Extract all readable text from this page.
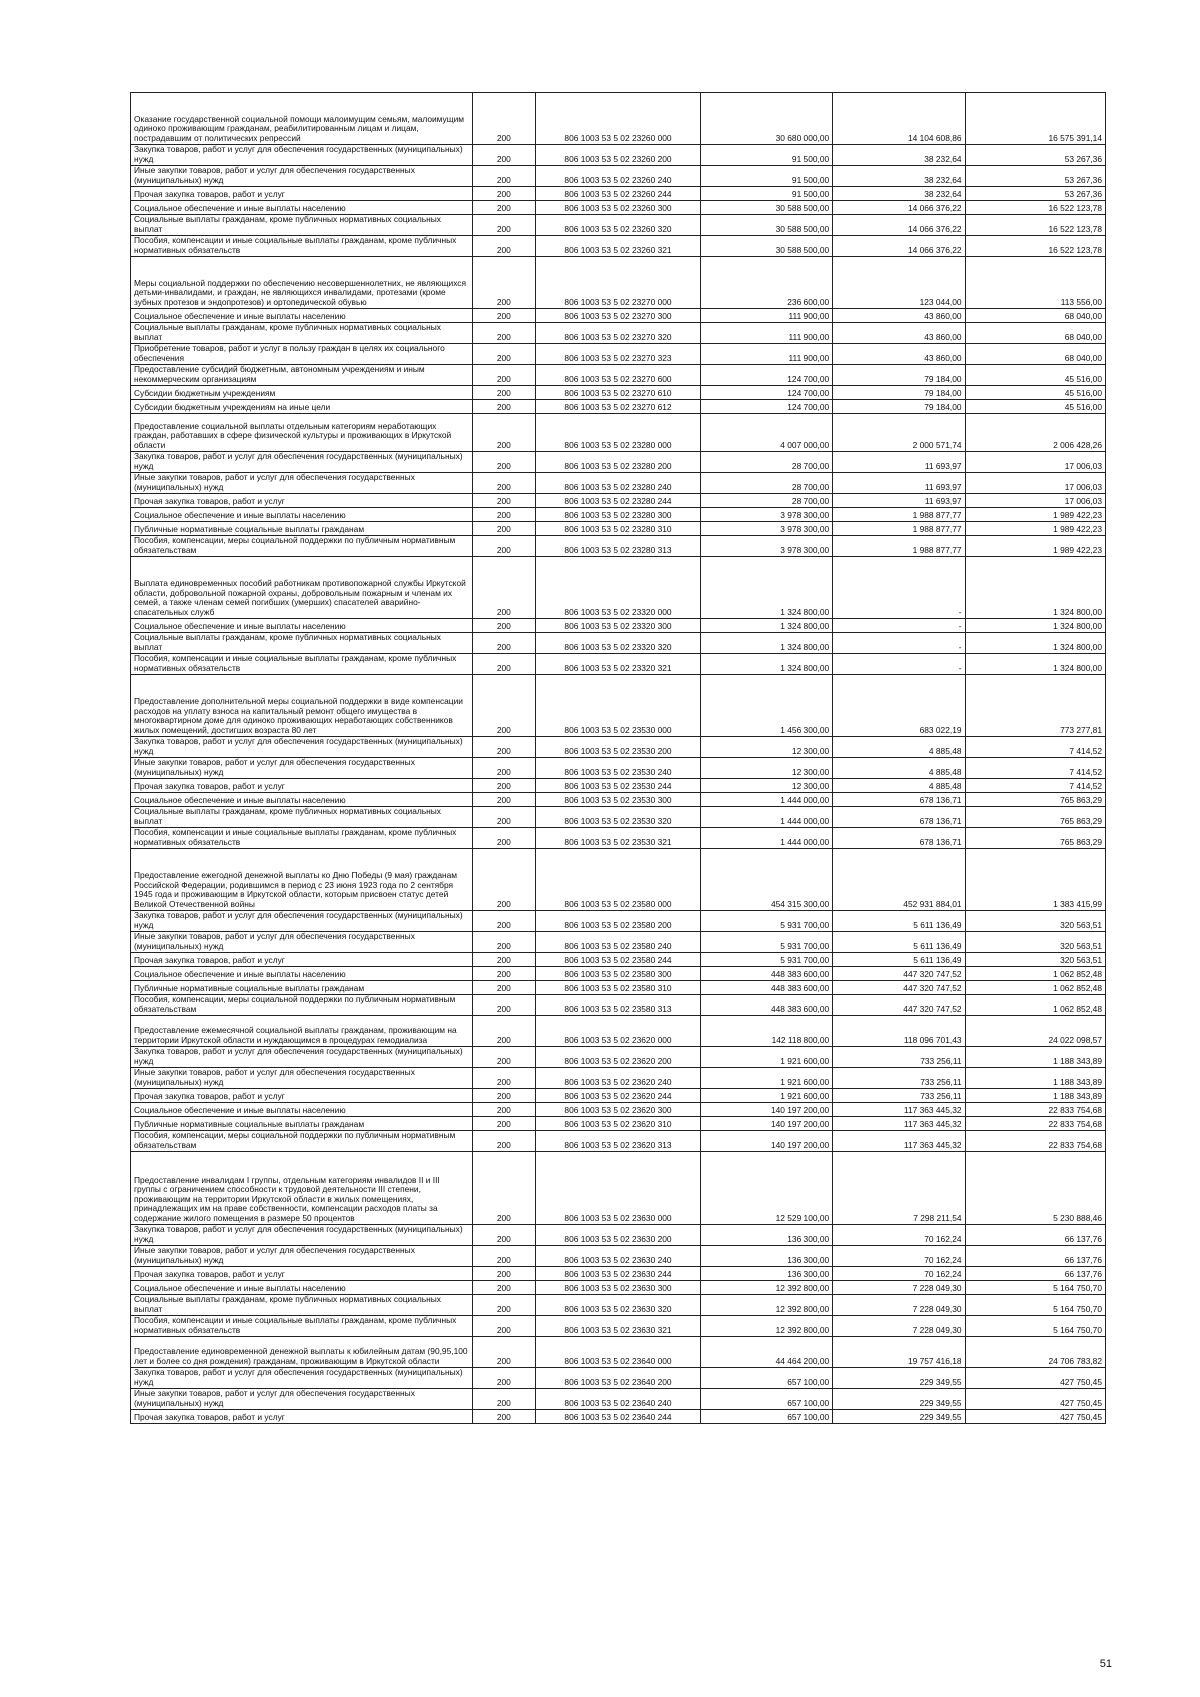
Оказание государственной социальной помощи малоимущим семьям, малоимущим одиноко проживающим гражданам, реабилитированным лицам и лицам, пострадавшим от политических репрессий	200	806 1003 53 5 02 23260 000	30 680 000,00	14 104 608,86	16 575 391,14
Закупка товаров, работ и услуг для обеспечения государственных (муниципальных) нужд	200	806 1003 53 5 02 23260 200	91 500,00	38 232,64	53 267,36
Иные закупки товаров, работ и услуг для обеспечения государственных (муниципальных) нужд	200	806 1003 53 5 02 23260 240	91 500,00	38 232,64	53 267,36
Прочая закупка товаров, работ и услуг	200	806 1003 53 5 02 23260 244	91 500,00	38 232,64	53 267,36
Социальное обеспечение и иные выплаты населению	200	806 1003 53 5 02 23260 300	30 588 500,00	14 066 376,22	16 522 123,78
Социальные выплаты гражданам, кроме публичных нормативных социальных выплат	200	806 1003 53 5 02 23260 320	30 588 500,00	14 066 376,22	16 522 123,78
Пособия, компенсации и иные социальные выплаты гражданам, кроме публичных нормативных обязательств	200	806 1003 53 5 02 23260 321	30 588 500,00	14 066 376,22	16 522 123,78
Меры социальной поддержки по обеспечению несовершеннолетних, не являющихся детьми-инвалидами, и граждан, не являющихся инвалидами, протезами (кроме зубных протезов и эндопротезов) и ортопедической обувью	200	806 1003 53 5 02 23270 000	236 600,00	123 044,00	113 556,00
Социальное обеспечение и иные выплаты населению	200	806 1003 53 5 02 23270 300	111 900,00	43 860,00	68 040,00
Социальные выплаты гражданам, кроме публичных нормативных социальных выплат	200	806 1003 53 5 02 23270 320	111 900,00	43 860,00	68 040,00
Приобретение товаров, работ и услуг в пользу граждан в целях их социального обеспечения	200	806 1003 53 5 02 23270 323	111 900,00	43 860,00	68 040,00
Предоставление субсидий бюджетным, автономным учреждениям и иным некоммерческим организациям	200	806 1003 53 5 02 23270 600	124 700,00	79 184,00	45 516,00
Субсидии бюджетным учреждениям	200	806 1003 53 5 02 23270 610	124 700,00	79 184,00	45 516,00
Субсидии бюджетным учреждениям на иные цели	200	806 1003 53 5 02 23270 612	124 700,00	79 184,00	45 516,00
Предоставление социальной выплаты отдельным категориям неработающих граждан, работавших в сфере физической культуры и проживающих в Иркутской области	200	806 1003 53 5 02 23280 000	4 007 000,00	2 000 571,74	2 006 428,26
Закупка товаров, работ и услуг для обеспечения государственных (муниципальных) нужд	200	806 1003 53 5 02 23280 200	28 700,00	11 693,97	17 006,03
Иные закупки товаров, работ и услуг для обеспечения государственных (муниципальных) нужд	200	806 1003 53 5 02 23280 240	28 700,00	11 693,97	17 006,03
Прочая закупка товаров, работ и услуг	200	806 1003 53 5 02 23280 244	28 700,00	11 693,97	17 006,03
Социальное обеспечение и иные выплаты населению	200	806 1003 53 5 02 23280 300	3 978 300,00	1 988 877,77	1 989 422,23
Публичные нормативные социальные выплаты гражданам	200	806 1003 53 5 02 23280 310	3 978 300,00	1 988 877,77	1 989 422,23
Пособия, компенсации, меры социальной поддержки по публичным нормативным обязательствам	200	806 1003 53 5 02 23280 313	3 978 300,00	1 988 877,77	1 989 422,23
Выплата единовременных пособий работникам противопожарной службы Иркутской области, добровольной пожарной охраны, добровольным пожарным и членам их семей, а также членам семей погибших (умерших) спасателей аварийно-спасательных служб	200	806 1003 53 5 02 23320 000	1 324 800,00	-	1 324 800,00
Социальное обеспечение и иные выплаты населению	200	806 1003 53 5 02 23320 300	1 324 800,00	-	1 324 800,00
Социальные выплаты гражданам, кроме публичных нормативных социальных выплат	200	806 1003 53 5 02 23320 320	1 324 800,00	-	1 324 800,00
Пособия, компенсации и иные социальные выплаты гражданам, кроме публичных нормативных обязательств	200	806 1003 53 5 02 23320 321	1 324 800,00	-	1 324 800,00
Предоставление дополнительной меры социальной поддержки в виде компенсации расходов на уплату взноса на капитальный ремонт общего имущества в многоквартирном доме для одиноко проживающих неработающих собственников жилых помещений, достигших возраста 80 лет	200	806 1003 53 5 02 23530 000	1 456 300,00	683 022,19	773 277,81
Закупка товаров, работ и услуг для обеспечения государственных (муниципальных) нужд	200	806 1003 53 5 02 23530 200	12 300,00	4 885,48	7 414,52
Иные закупки товаров, работ и услуг для обеспечения государственных (муниципальных) нужд	200	806 1003 53 5 02 23530 240	12 300,00	4 885,48	7 414,52
Прочая закупка товаров, работ и услуг	200	806 1003 53 5 02 23530 244	12 300,00	4 885,48	7 414,52
Социальное обеспечение и иные выплаты населению	200	806 1003 53 5 02 23530 300	1 444 000,00	678 136,71	765 863,29
Социальные выплаты гражданам, кроме публичных нормативных социальных выплат	200	806 1003 53 5 02 23530 320	1 444 000,00	678 136,71	765 863,29
Пособия, компенсации и иные социальные выплаты гражданам, кроме публичных нормативных обязательств	200	806 1003 53 5 02 23530 321	1 444 000,00	678 136,71	765 863,29
Предоставление ежегодной денежной выплаты ко Дню Победы (9 мая) гражданам Российской Федерации, родившимся в период с 23 июня 1923 года по 2 сентября 1945 года и проживающим в Иркутской области, которым присвоен статус детей Великой Отечественной войны	200	806 1003 53 5 02 23580 000	454 315 300,00	452 931 884,01	1 383 415,99
Закупка товаров, работ и услуг для обеспечения государственных (муниципальных) нужд	200	806 1003 53 5 02 23580 200	5 931 700,00	5 611 136,49	320 563,51
Иные закупки товаров, работ и услуг для обеспечения государственных (муниципальных) нужд	200	806 1003 53 5 02 23580 240	5 931 700,00	5 611 136,49	320 563,51
Прочая закупка товаров, работ и услуг	200	806 1003 53 5 02 23580 244	5 931 700,00	5 611 136,49	320 563,51
Социальное обеспечение и иные выплаты населению	200	806 1003 53 5 02 23580 300	448 383 600,00	447 320 747,52	1 062 852,48
Публичные нормативные социальные выплаты гражданам	200	806 1003 53 5 02 23580 310	448 383 600,00	447 320 747,52	1 062 852,48
Пособия, компенсации, меры социальной поддержки по публичным нормативным обязательствам	200	806 1003 53 5 02 23580 313	448 383 600,00	447 320 747,52	1 062 852,48
Предоставление ежемесячной социальной выплаты гражданам, проживающим на территории Иркутской области и нуждающимся в процедурах гемодиализа	200	806 1003 53 5 02 23620 000	142 118 800,00	118 096 701,43	24 022 098,57
Закупка товаров, работ и услуг для обеспечения государственных (муниципальных) нужд	200	806 1003 53 5 02 23620 200	1 921 600,00	733 256,11	1 188 343,89
Иные закупки товаров, работ и услуг для обеспечения государственных (муниципальных) нужд	200	806 1003 53 5 02 23620 240	1 921 600,00	733 256,11	1 188 343,89
Прочая закупка товаров, работ и услуг	200	806 1003 53 5 02 23620 244	1 921 600,00	733 256,11	1 188 343,89
Социальное обеспечение и иные выплаты населению	200	806 1003 53 5 02 23620 300	140 197 200,00	117 363 445,32	22 833 754,68
Публичные нормативные социальные выплаты гражданам	200	806 1003 53 5 02 23620 310	140 197 200,00	117 363 445,32	22 833 754,68
Пособия, компенсации, меры социальной поддержки по публичным нормативным обязательствам	200	806 1003 53 5 02 23620 313	140 197 200,00	117 363 445,32	22 833 754,68
Предоставление инвалидам I группы, отдельным категориям инвалидов II и III группы с ограничением способности к трудовой деятельности III степени, проживающим на территории Иркутской области в жилых помещениях, принадлежащих им на праве собственности, компенсации расходов платы за содержание жилого помещения в размере 50 процентов	200	806 1003 53 5 02 23630 000	12 529 100,00	7 298 211,54	5 230 888,46
Закупка товаров, работ и услуг для обеспечения государственных (муниципальных) нужд	200	806 1003 53 5 02 23630 200	136 300,00	70 162,24	66 137,76
Иные закупки товаров, работ и услуг для обеспечения государственных (муниципальных) нужд	200	806 1003 53 5 02 23630 240	136 300,00	70 162,24	66 137,76
Прочая закупка товаров, работ и услуг	200	806 1003 53 5 02 23630 244	136 300,00	70 162,24	66 137,76
Социальное обеспечение и иные выплаты населению	200	806 1003 53 5 02 23630 300	12 392 800,00	7 228 049,30	5 164 750,70
Социальные выплаты гражданам, кроме публичных нормативных социальных выплат	200	806 1003 53 5 02 23630 320	12 392 800,00	7 228 049,30	5 164 750,70
Пособия, компенсации и иные социальные выплаты гражданам, кроме публичных нормативных обязательств	200	806 1003 53 5 02 23630 321	12 392 800,00	7 228 049,30	5 164 750,70
Предоставление единовременной денежной выплаты к юбилейным датам (90,95,100 лет и более со дня рождения) гражданам, проживающим в Иркутской области	200	806 1003 53 5 02 23640 000	44 464 200,00	19 757 416,18	24 706 783,82
Закупка товаров, работ и услуг для обеспечения государственных (муниципальных) нужд	200	806 1003 53 5 02 23640 200	657 100,00	229 349,55	427 750,45
Иные закупки товаров, работ и услуг для обеспечения государственных (муниципальных) нужд	200	806 1003 53 5 02 23640 240	657 100,00	229 349,55	427 750,45
Прочая закупка товаров, работ и услуг	200	806 1003 53 5 02 23640 244	657 100,00	229 349,55	427 750,45
51
